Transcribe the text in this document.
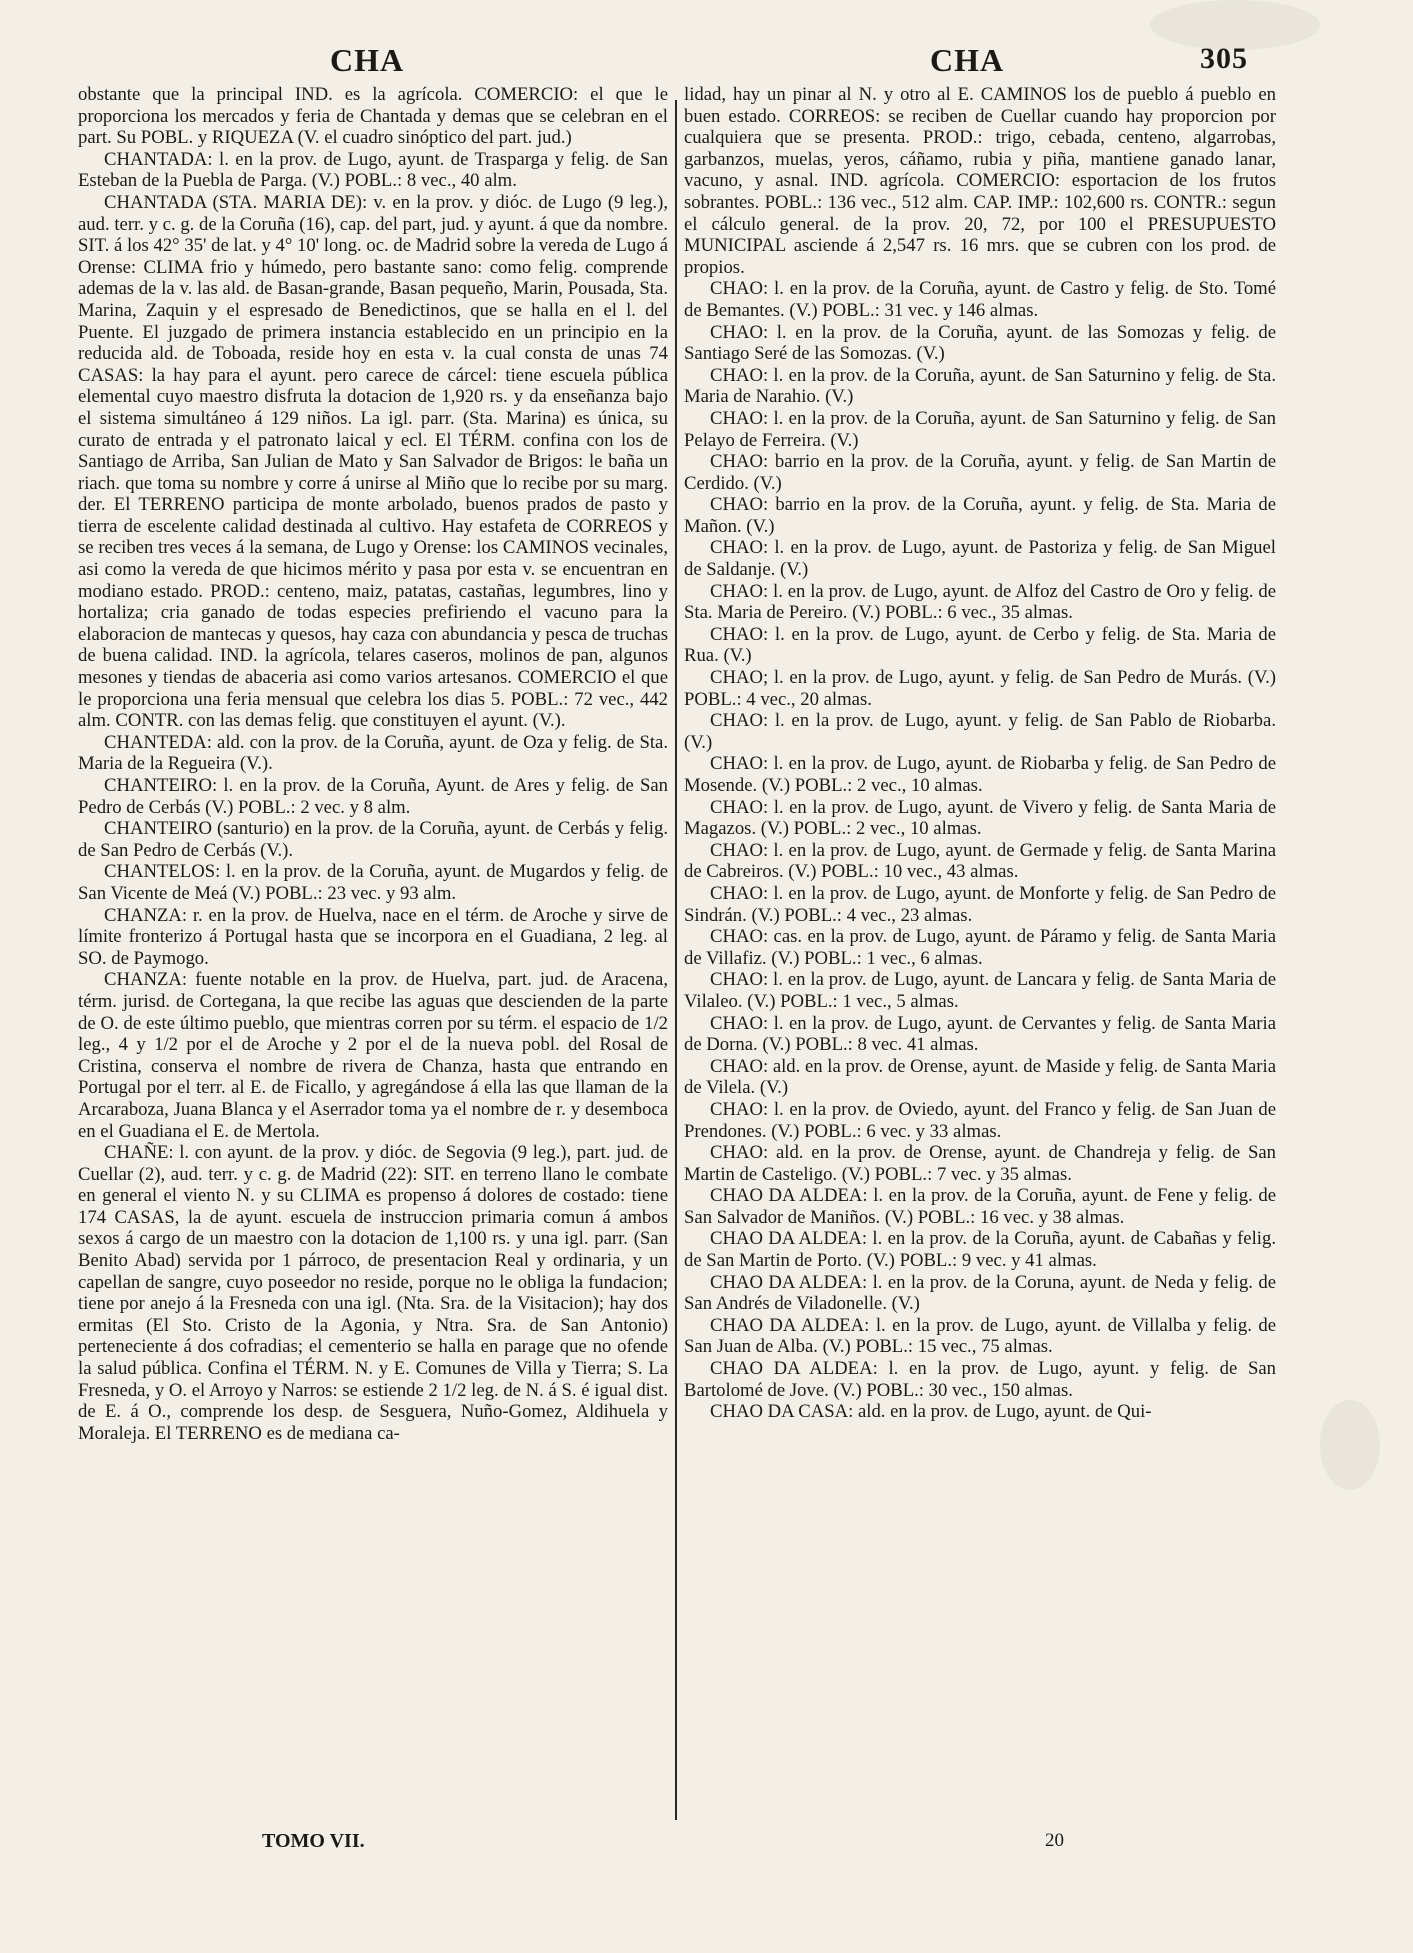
CHA	CHA	305

obstante que la principal IND. es la agrícola. COMERCIO: el que le proporciona los mercados y feria de Chantada y demas que se celebran en el part. Su POBL. y RIQUEZA (V. el cuadro sinóptico del part. jud.)

CHANTADA: l. en la prov. de Lugo, ayunt. de Trasparga y felig. de San Esteban de la Puebla de Parga. (V.) POBL.: 8 vec., 40 alm.

CHANTADA (STA. MARIA DE): v. en la prov. y dióc. de Lugo (9 leg.), aud. terr. y c. g. de la Coruña (16), cap. del part, jud. y ayunt. á que da nombre. SIT. á los 42° 35' de lat. y 4° 10' long. oc. de Madrid sobre la vereda de Lugo á Orense: CLIMA frio y húmedo, pero bastante sano: como felig. comprende ademas de la v. las ald. de Basan-grande, Basan pequeño, Marin, Pousada, Sta. Marina, Zaquin y el espresado de Benedictinos, que se halla en el l. del Puente. El juzgado de primera instancia establecido en un principio en la reducida ald. de Toboada, reside hoy en esta v. la cual consta de unas 74 CASAS: la hay para el ayunt. pero carece de cárcel: tiene escuela pública elemental cuyo maestro disfruta la dotacion de 1,920 rs. y da enseñanza bajo el sistema simultáneo á 129 niños. La igl. parr. (Sta. Marina) es única, su curato de entrada y el patronato laical y ecl. El TÉRM. confina con los de Santiago de Arriba, San Julian de Mato y San Salvador de Brigos: le baña un riach. que toma su nombre y corre á unirse al Miño que lo recibe por su marg. der. El TERRENO participa de monte arbolado, buenos prados de pasto y tierra de escelente calidad destinada al cultivo. Hay estafeta de CORREOS y se reciben tres veces á la semana, de Lugo y Orense: los CAMINOS vecinales, asi como la vereda de que hicimos mérito y pasa por esta v. se encuentran en modiano estado. PROD.: centeno, maiz, patatas, castañas, legumbres, lino y hortaliza; cria ganado de todas especies prefiriendo el vacuno para la elaboracion de mantecas y quesos, hay caza con abundancia y pesca de truchas de buena calidad. IND. la agrícola, telares caseros, molinos de pan, algunos mesones y tiendas de abaceria asi como varios artesanos. COMERCIO el que le proporciona una feria mensual que celebra los dias 5. POBL.: 72 vec., 442 alm. CONTR. con las demas felig. que constituyen el ayunt. (V.).

CHANTEDA: ald. con la prov. de la Coruña, ayunt. de Oza y felig. de Sta. Maria de la Regueira (V.).

CHANTEIRO: l. en la prov. de la Coruña, Ayunt. de Ares y felig. de San Pedro de Cerbás (V.) POBL.: 2 vec. y 8 alm.

CHANTEIRO (santurio) en la prov. de la Coruña, ayunt. de Cerbás y felig. de San Pedro de Cerbás (V.).

CHANTELOS: l. en la prov. de la Coruña, ayunt. de Mugardos y felig. de San Vicente de Meá (V.) POBL.: 23 vec. y 93 alm.

CHANZA: r. en la prov. de Huelva, nace en el térm. de Aroche y sirve de límite fronterizo á Portugal hasta que se incorpora en el Guadiana, 2 leg. al SO. de Paymogo.

CHANZA: fuente notable en la prov. de Huelva, part. jud. de Aracena, térm. jurisd. de Cortegana, la que recibe las aguas que descienden de la parte de O. de este último pueblo, que mientras corren por su térm. el espacio de 1/2 leg., 4 y 1/2 por el de Aroche y 2 por el de la nueva pobl. del Rosal de Cristina, conserva el nombre de rivera de Chanza, hasta que entrando en Portugal por el terr. al E. de Ficallo, y agregándose á ella las que llaman de la Arcaraboza, Juana Blanca y el Aserrador toma ya el nombre de r. y desemboca en el Guadiana el E. de Mertola.

CHAÑE: l. con ayunt. de la prov. y dióc. de Segovia (9 leg.), part. jud. de Cuellar (2), aud. terr. y c. g. de Madrid (22): SIT. en terreno llano le combate en general el viento N. y su CLIMA es propenso á dolores de costado: tiene 174 CASAS, la de ayunt. escuela de instruccion primaria comun á ambos sexos á cargo de un maestro con la dotacion de 1,100 rs. y una igl. parr. (San Benito Abad) servida por 1 párroco, de presentacion Real y ordinaria, y un capellan de sangre, cuyo poseedor no reside, porque no le obliga la fundacion; tiene por anejo á la Fresneda con una igl. (Nta. Sra. de la Visitacion); hay dos ermitas (El Sto. Cristo de la Agonia, y Ntra. Sra. de San Antonio) perteneciente á dos cofradias; el cementerio se halla en parage que no ofende la salud pública. Confina el TÉRM. N. y E. Comunes de Villa y Tierra; S. La Fresneda, y O. el Arroyo y Narros: se estiende 2 1/2 leg. de N. á S. é igual dist. de E. á O., comprende los desp. de Sesguera, Nuño-Gomez, Aldihuela y Moraleja. El TERRENO es de mediana ca-

lidad, hay un pinar al N. y otro al E. CAMINOS los de pueblo á pueblo en buen estado. CORREOS: se reciben de Cuellar cuando hay proporcion por cualquiera que se presenta. PROD.: trigo, cebada, centeno, algarrobas, garbanzos, muelas, yeros, cáñamo, rubia y piña, mantiene ganado lanar, vacuno, y asnal. IND. agrícola. COMERCIO: esportacion de los frutos sobrantes. POBL.: 136 vec., 512 alm. CAP. IMP.: 102,600 rs. CONTR.: segun el cálculo general. de la prov. 20, 72, por 100 el PRESUPUESTO MUNICIPAL asciende á 2,547 rs. 16 mrs. que se cubren con los prod. de propios.

CHAO: l. en la prov. de la Coruña, ayunt. de Castro y felig. de Sto. Tomé de Bemantes. (V.) POBL.: 31 vec. y 146 almas.

CHAO: l. en la prov. de la Coruña, ayunt. de las Somozas y felig. de Santiago Seré de las Somozas. (V.)

CHAO: l. en la prov. de la Coruña, ayunt. de San Saturnino y felig. de Sta. Maria de Narahio. (V.)

CHAO: l. en la prov. de la Coruña, ayunt. de San Saturnino y felig. de San Pelayo de Ferreira. (V.)

CHAO: barrio en la prov. de la Coruña, ayunt. y felig. de San Martin de Cerdido. (V.)

CHAO: barrio en la prov. de la Coruña, ayunt. y felig. de Sta. Maria de Mañon. (V.)

CHAO: l. en la prov. de Lugo, ayunt. de Pastoriza y felig. de San Miguel de Saldanje. (V.)

CHAO: l. en la prov. de Lugo, ayunt. de Alfoz del Castro de Oro y felig. de Sta. Maria de Pereiro. (V.) POBL.: 6 vec., 35 almas.

CHAO: l. en la prov. de Lugo, ayunt. de Cerbo y felig. de Sta. Maria de Rua. (V.)

CHAO; l. en la prov. de Lugo, ayunt. y felig. de San Pedro de Murás. (V.) POBL.: 4 vec., 20 almas.

CHAO: l. en la prov. de Lugo, ayunt. y felig. de San Pablo de Riobarba. (V.)

CHAO: l. en la prov. de Lugo, ayunt. de Riobarba y felig. de San Pedro de Mosende. (V.) POBL.: 2 vec., 10 almas.

CHAO: l. en la prov. de Lugo, ayunt. de Vivero y felig. de Santa Maria de Magazos. (V.) POBL.: 2 vec., 10 almas.

CHAO: l. en la prov. de Lugo, ayunt. de Germade y felig. de Santa Marina de Cabreiros. (V.) POBL.: 10 vec., 43 almas.

CHAO: l. en la prov. de Lugo, ayunt. de Monforte y felig. de San Pedro de Sindrán. (V.) POBL.: 4 vec., 23 almas.

CHAO: cas. en la prov. de Lugo, ayunt. de Páramo y felig. de Santa Maria de Villafiz. (V.) POBL.: 1 vec., 6 almas.

CHAO: l. en la prov. de Lugo, ayunt. de Lancara y felig. de Santa Maria de Vilaleo. (V.) POBL.: 1 vec., 5 almas.

CHAO: l. en la prov. de Lugo, ayunt. de Cervantes y felig. de Santa Maria de Dorna. (V.) POBL.: 8 vec. 41 almas.

CHAO: ald. en la prov. de Orense, ayunt. de Maside y felig. de Santa Maria de Vilela. (V.)

CHAO: l. en la prov. de Oviedo, ayunt. del Franco y felig. de San Juan de Prendones. (V.) POBL.: 6 vec. y 33 almas.

CHAO: ald. en la prov. de Orense, ayunt. de Chandreja y felig. de San Martin de Casteligo. (V.) POBL.: 7 vec. y 35 almas.

CHAO DA ALDEA: l. en la prov. de la Coruña, ayunt. de Fene y felig. de San Salvador de Maniños. (V.) POBL.: 16 vec. y 38 almas.

CHAO DA ALDEA: l. en la prov. de la Coruña, ayunt. de Cabañas y felig. de San Martin de Porto. (V.) POBL.: 9 vec. y 41 almas.

CHAO DA ALDEA: l. en la prov. de la Coruna, ayunt. de Neda y felig. de San Andrés de Viladonelle. (V.)

CHAO DA ALDEA: l. en la prov. de Lugo, ayunt. de Villalba y felig. de San Juan de Alba. (V.) POBL.: 15 vec., 75 almas.

CHAO DA ALDEA: l. en la prov. de Lugo, ayunt. y felig. de San Bartolomé de Jove. (V.) POBL.: 30 vec., 150 almas.

CHAO DA CASA: ald. en la prov. de Lugo, ayunt. de Qui-

TOMO VII.	20
